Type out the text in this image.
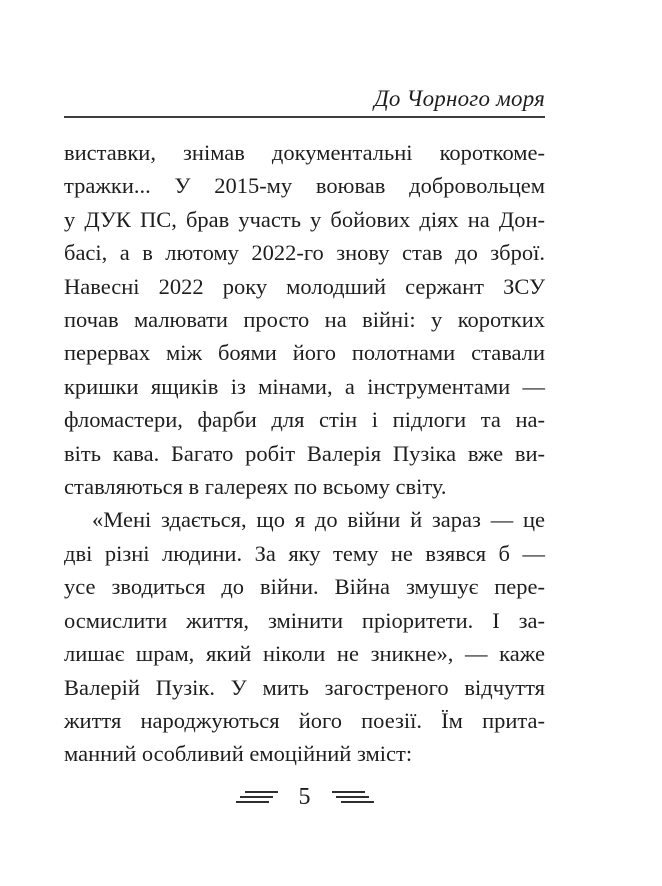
До Чорного моря
виставки, знімав документальні короткоме-
тражки... У 2015-му воював добровольцем
у ДУК ПС, брав участь у бойових діях на Дон-
басі, а в лютому 2022-го знову став до зброї.
Навесні 2022 року молодший сержант ЗСУ
почав малювати просто на війні: у коротких
перервах між боями його полотнами ставали
кришки ящиків із мінами, а інструментами —
фломастери, фарби для стін і підлоги та на-
віть кава. Багато робіт Валерія Пузіка вже ви-
ставляються в галереях по всьому світу.
«Мені здається, що я до війни й зараз — це
дві різні людини. За яку тему не взявся б —
усе зводиться до війни. Війна змушує пере-
осмислити життя, змінити пріоритети. І за-
лишає шрам, який ніколи не зникне», — каже
Валерій Пузік. У мить загостреного відчуття
життя народжуються його поезії. Їм прита-
манний особливий емоційний зміст:
5
